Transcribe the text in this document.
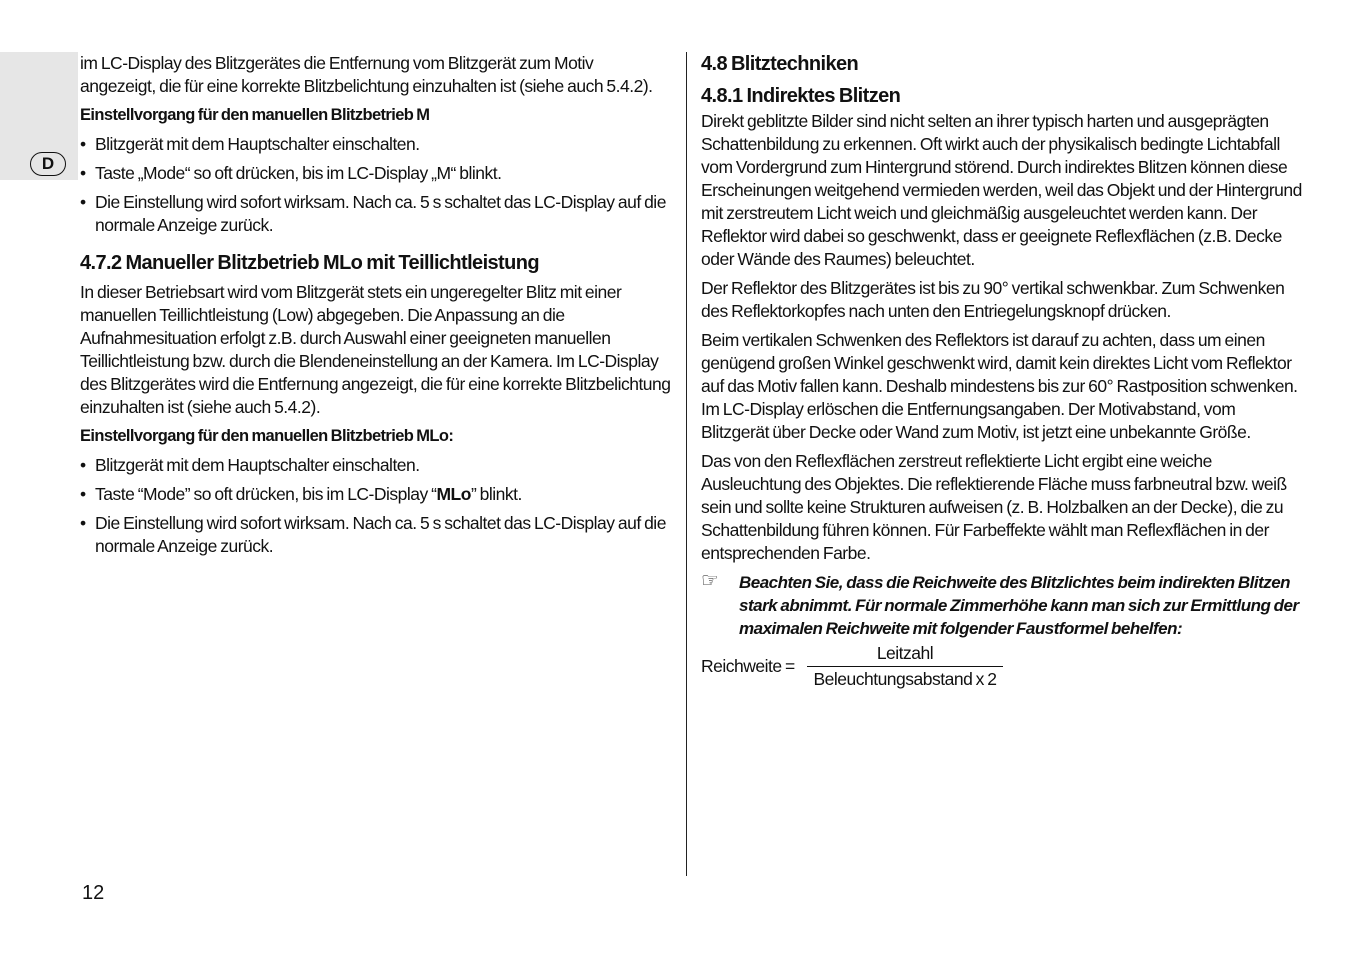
D

im LC-Display des Blitzgerätes die Entfernung vom Blitzgerät zum Motiv angezeigt, die für eine korrekte Blitzbelichtung einzuhalten ist (siehe auch 5.4.2).

Einstellvorgang für den manuellen Blitzbetrieb M

• Blitzgerät mit dem Hauptschalter einschalten.
• Taste „Mode“ so oft drücken, bis im LC-Display „M“ blinkt.
• Die Einstellung wird sofort wirksam. Nach ca. 5 s schaltet das LC-Display auf die normale Anzeige zurück.
4.7.2 Manueller Blitzbetrieb MLo mit Teillichtleistung

In dieser Betriebsart wird vom Blitzgerät stets ein ungeregelter Blitz mit einer manuellen Teillichtleistung (Low) abgegeben. Die Anpassung an die Aufnahmesituation erfolgt z.B. durch Auswahl einer geeigneten manuellen Teillichtleistung bzw. durch die Blendeneinstellung an der Kamera. Im LC-Display des Blitzgerätes wird die Entfernung angezeigt, die für eine korrekte Blitzbelichtung einzuhalten ist (siehe auch 5.4.2).

Einstellvorgang für den manuellen Blitzbetrieb MLo:

• Blitzgerät mit dem Hauptschalter einschalten.
• Taste “Mode” so oft drücken, bis im LC-Display “MLo” blinkt.
• Die Einstellung wird sofort wirksam. Nach ca. 5 s schaltet das LC-Display auf die normale Anzeige zurück.
4.8 Blitztechniken
4.8.1 Indirektes Blitzen

Direkt geblitzte Bilder sind nicht selten an ihrer typisch harten und ausgeprägten Schattenbildung zu erkennen. Oft wirkt auch der physikalisch bedingte Lichtabfall vom Vordergrund zum Hintergrund störend. Durch indirektes Blitzen können diese Erscheinungen weitgehend vermieden werden, weil das Objekt und der Hintergrund mit zerstreutem Licht weich und gleichmäßig ausgeleuchtet werden kann. Der Reflektor wird dabei so geschwenkt, dass er geeignete Reflexflächen (z.B. Decke oder Wände des Raumes) beleuchtet.

Der Reflektor des Blitzgerätes ist bis zu 90° vertikal schwenkbar. Zum Schwenken des Reflektorkopfes nach unten den Entriegelungsknopf drücken.

Beim vertikalen Schwenken des Reflektors ist darauf zu achten, dass um einen genügend großen Winkel geschwenkt wird, damit kein direktes Licht vom Reflektor auf das Motiv fallen kann. Deshalb mindestens bis zur 60° Rastposition schwenken. Im LC-Display erlöschen die Entfernungsangaben. Der Motivabstand, vom Blitzgerät über Decke oder Wand zum Motiv, ist jetzt eine unbekannte Größe.

Das von den Reflexflächen zerstreut reflektierte Licht ergibt eine weiche Ausleuchtung des Objektes. Die reflektierende Fläche muss farbneutral bzw. weiß sein und sollte keine Strukturen aufweisen (z. B. Holzbalken an der Decke), die zu Schattenbildung führen können. Für Farbeffekte wählt man Reflexflächen in der entsprechenden Farbe.

☞ Beachten Sie, dass die Reichweite des Blitzlichtes beim indirekten Blitzen stark abnimmt. Für normale Zimmerhöhe kann man sich zur Ermittlung der maximalen Reichweite mit folgender Faustformel behelfen:
Reichweite =
Leitzahl
Beleuchtungsabstand x 2
12
